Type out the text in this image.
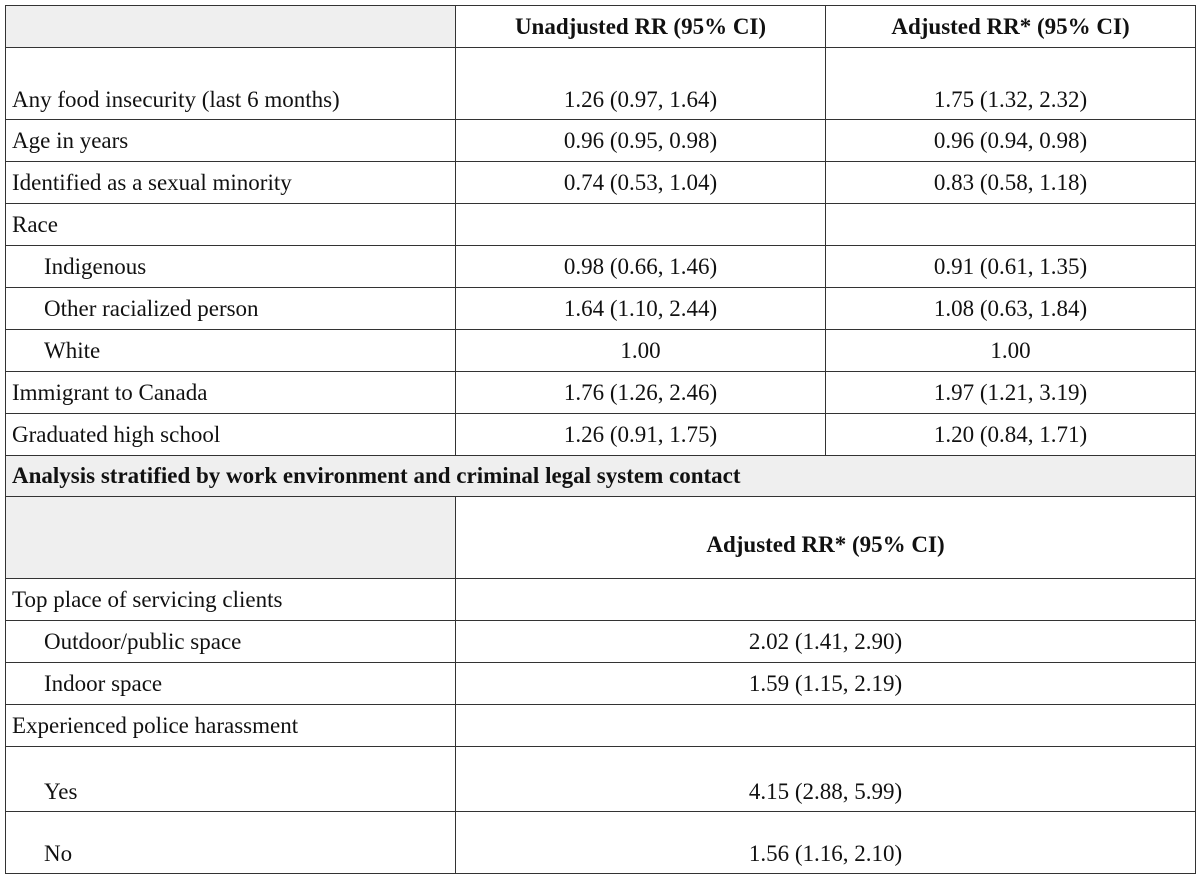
	Unadjusted RR (95% CI)	Adjusted RR* (95% CI)
Any food insecurity (last 6 months)	1.26 (0.97, 1.64)	1.75 (1.32, 2.32)
Age in years	0.96 (0.95, 0.98)	0.96 (0.94, 0.98)
Identified as a sexual minority	0.74 (0.53, 1.04)	0.83 (0.58, 1.18)
Race		
Indigenous	0.98 (0.66, 1.46)	0.91 (0.61, 1.35)
Other racialized person	1.64 (1.10, 2.44)	1.08 (0.63, 1.84)
White	1.00	1.00
Immigrant to Canada	1.76 (1.26, 2.46)	1.97 (1.21, 3.19)
Graduated high school	1.26 (0.91, 1.75)	1.20 (0.84, 1.71)
Analysis stratified by work environment and criminal legal system contact		
	Adjusted RR* (95% CI)	
Top place of servicing clients		
Outdoor/public space	2.02 (1.41, 2.90)	
Indoor space	1.59 (1.15, 2.19)	
Experienced police harassment		
Yes	4.15 (2.88, 5.99)	
No	1.56 (1.16, 2.10)	
